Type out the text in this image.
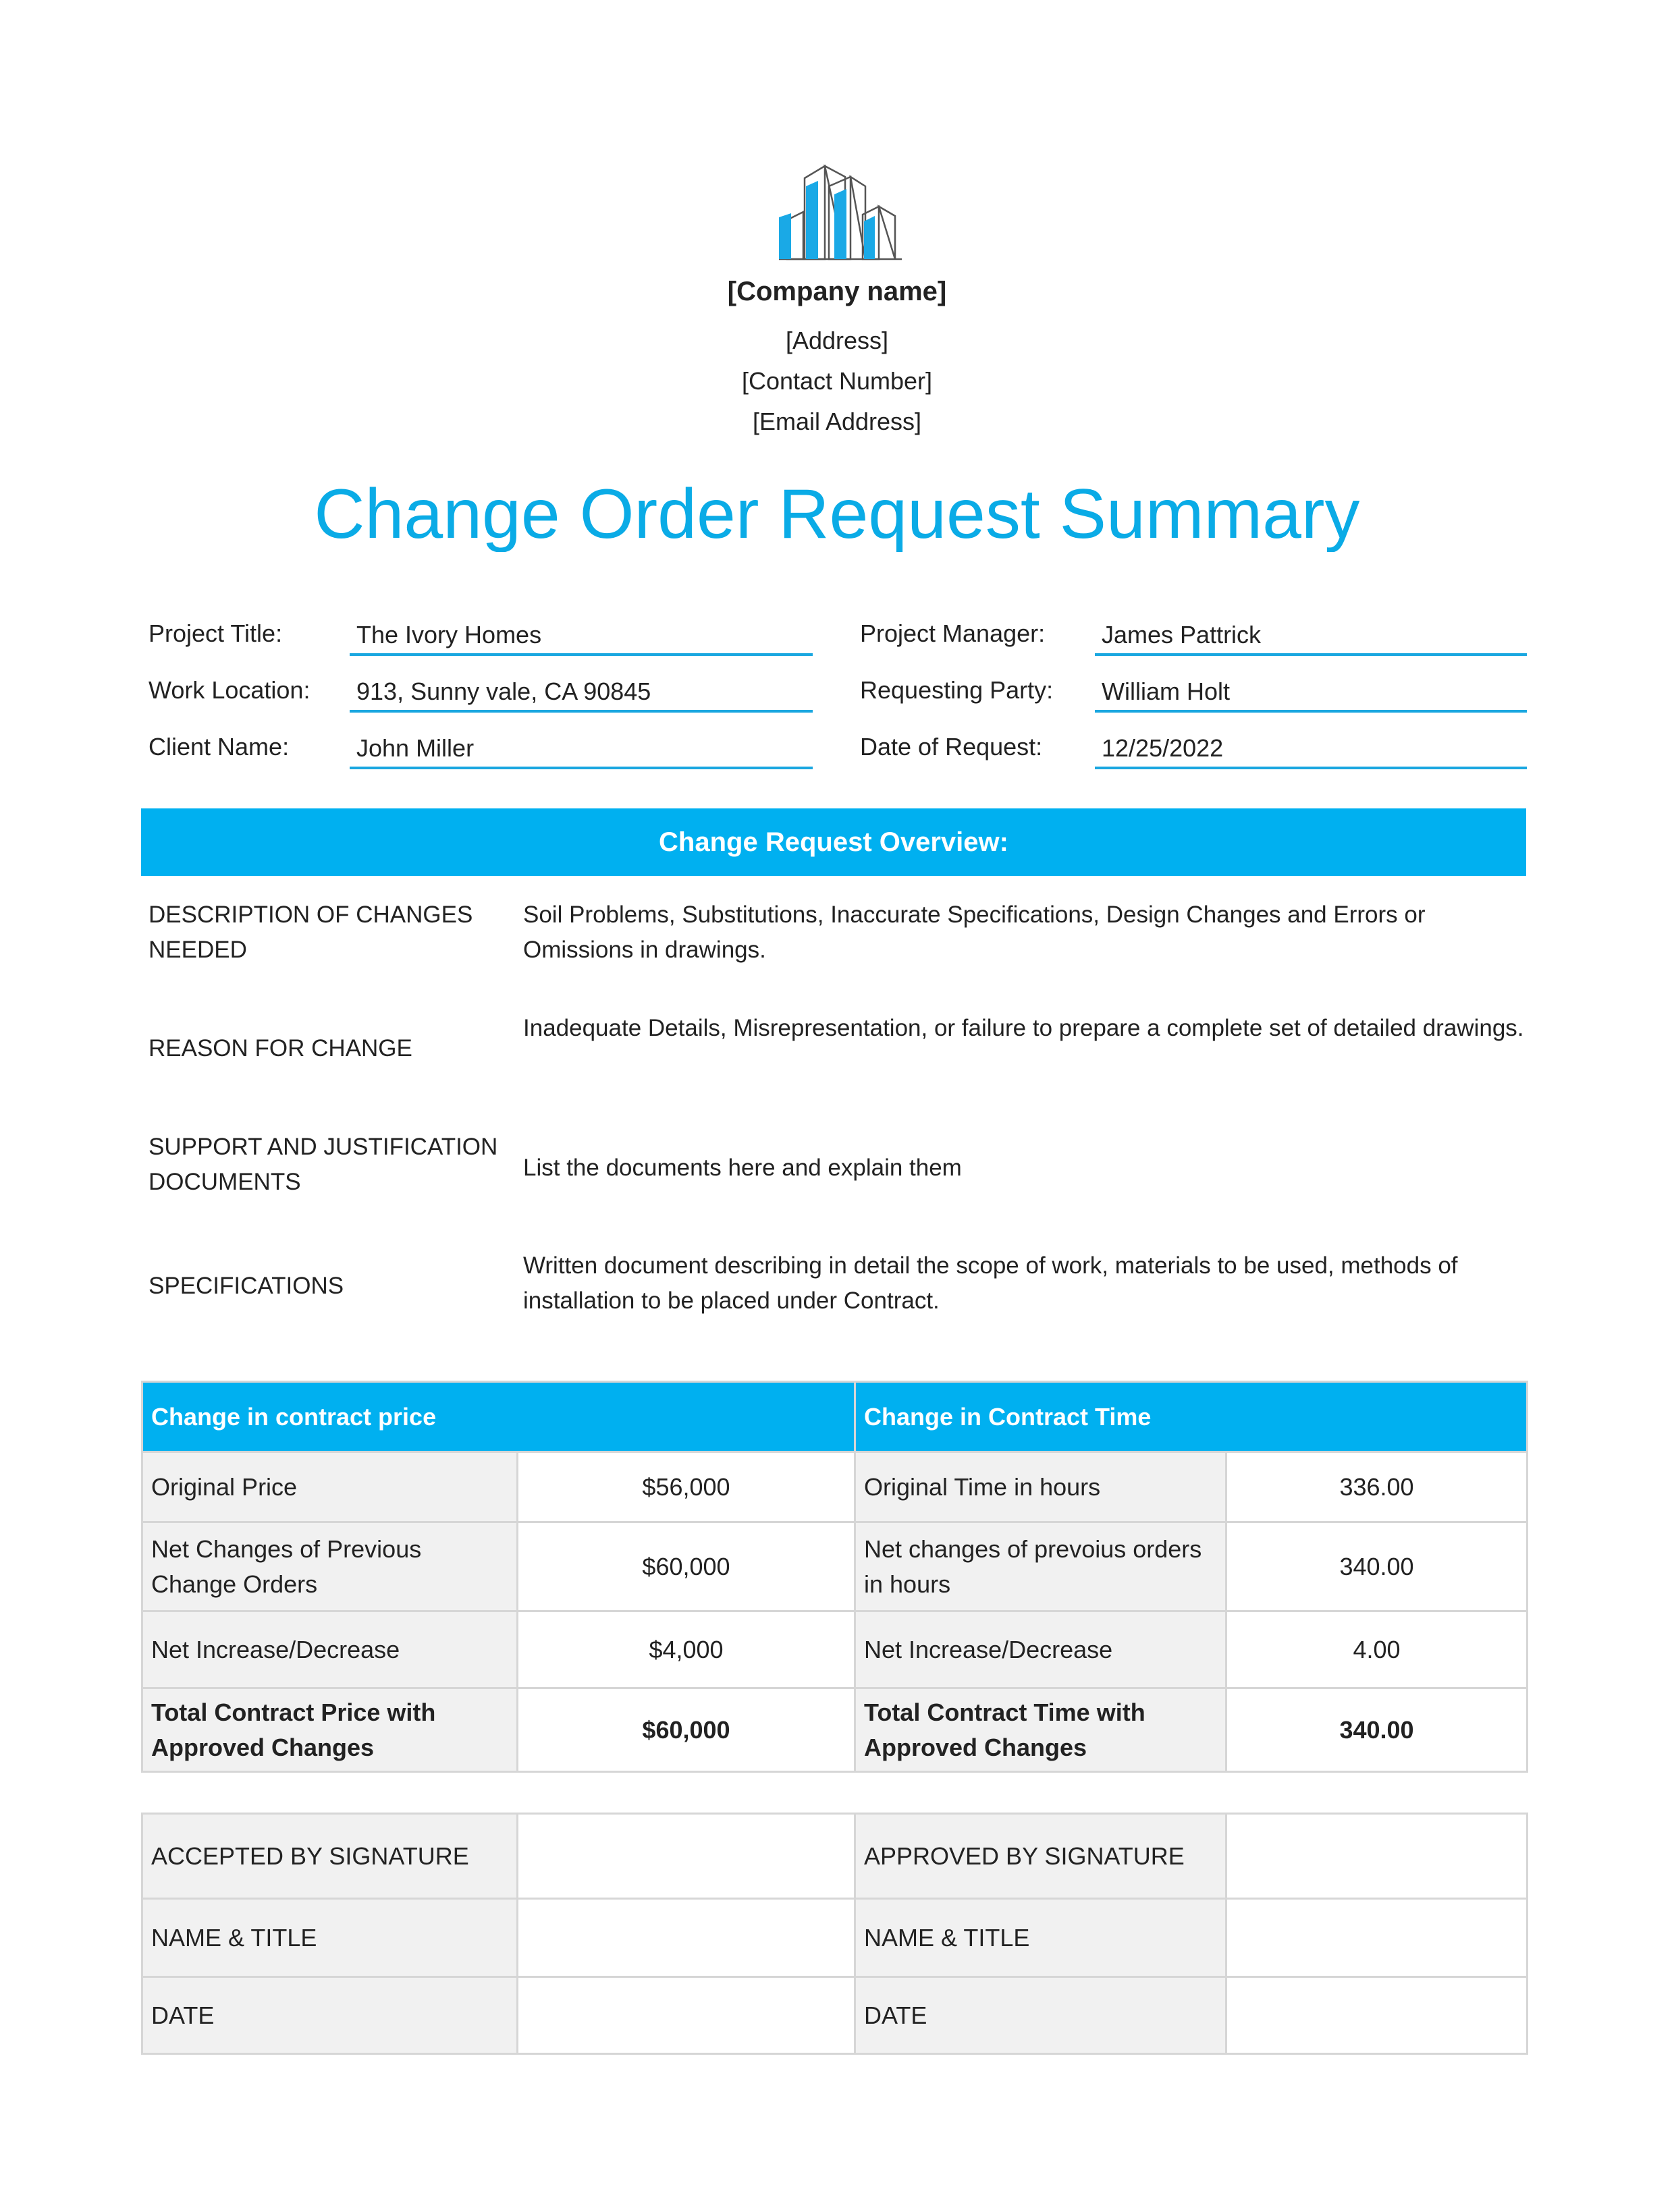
[Company name]
[Address]
[Contact Number]
[Email Address]
Change Order Request Summary
Project Title:	The Ivory Homes
Work Location: 913, Sunny vale, CA 90845
Client Name:	John Miller
Project Manager: James Pattrick
Requesting Party: William Holt
Date of Request: 12/25/2022
Change Request Overview:
DESCRIPTION OF CHANGES NEEDED
Soil Problems, Substitutions, Inaccurate Specifications, Design Changes and Errors or Omissions in drawings.
REASON FOR CHANGE
Inadequate Details, Misrepresentation, or failure to prepare a complete set of detailed drawings.
SUPPORT AND JUSTIFICATION DOCUMENTS
List the documents here and explain them
SPECIFICATIONS
Written document describing in detail the scope of work, materials to be used, methods of installation to be placed under Contract.
Change in contract price		Change in Contract Time	
Original Price	$56,000	Original Time in hours	336.00
Net Changes of Previous Change Orders	$60,000	Net changes of prevoius orders in hours	340.00
Net Increase/Decrease	$4,000	Net Increase/Decrease	4.00
Total Contract Price with Approved Changes	$60,000	Total Contract Time with Approved Changes	340.00
ACCEPTED BY SIGNATURE		APPROVED BY SIGNATURE	
NAME & TITLE		NAME & TITLE	
DATE		DATE	
